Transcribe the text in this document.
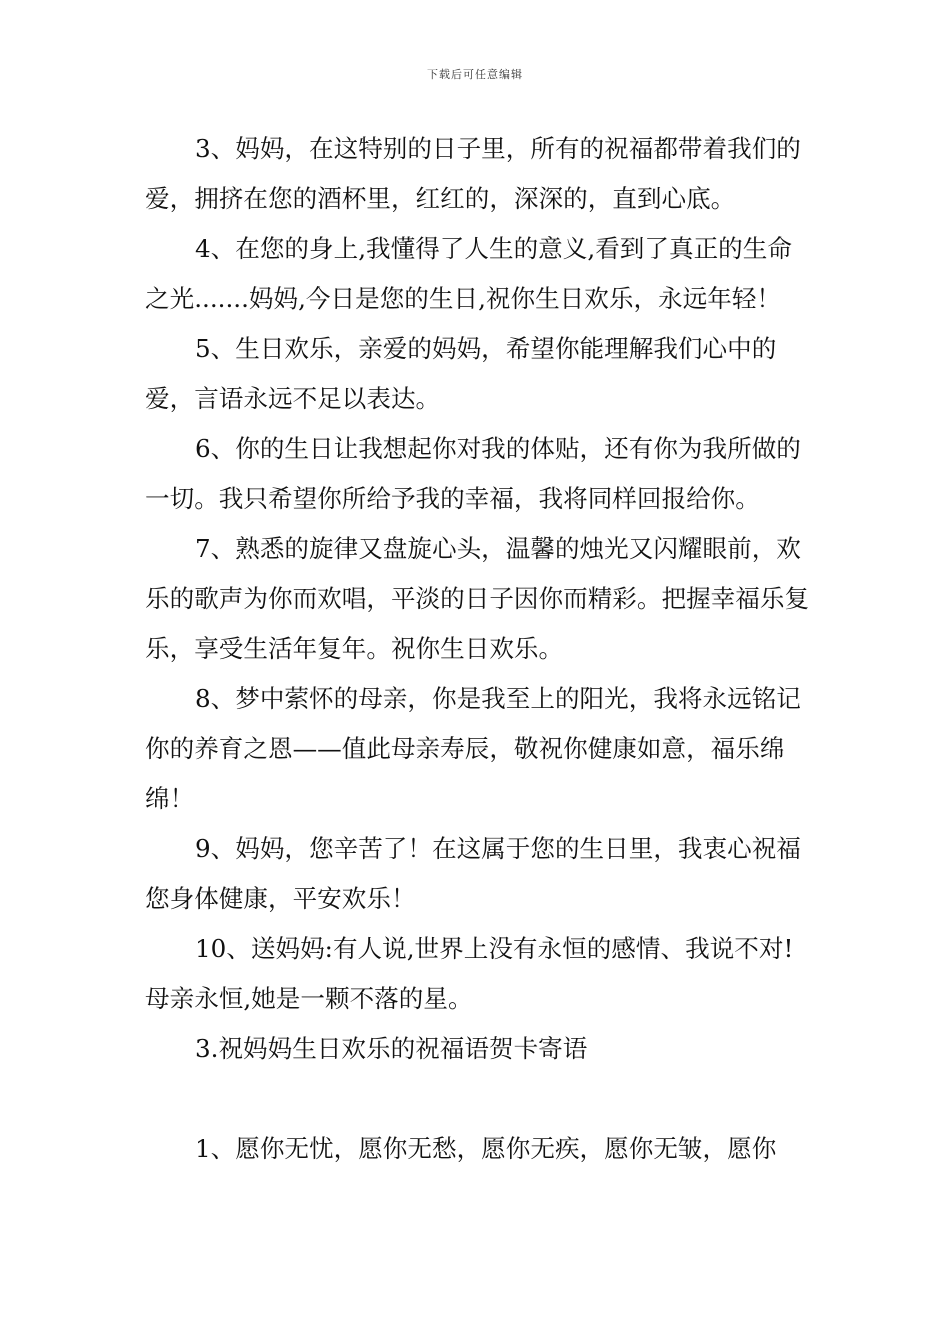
下载后可任意编辑

3、妈妈，在这特别的日子里，所有的祝福都带着我们的爱，拥挤在您的酒杯里，红红的，深深的，直到心底。

4、在您的身上,我懂得了人生的意义,看到了真正的生命之光.......妈妈,今日是您的生日,祝你生日欢乐，永远年轻！

5、生日欢乐，亲爱的妈妈，希望你能理解我们心中的爱，言语永远不足以表达。

6、你的生日让我想起你对我的体贴，还有你为我所做的一切。我只希望你所给予我的幸福，我将同样回报给你。

7、熟悉的旋律又盘旋心头，温馨的烛光又闪耀眼前，欢乐的歌声为你而欢唱，平淡的日子因你而精彩。把握幸福乐复乐，享受生活年复年。祝你生日欢乐。

8、梦中萦怀的母亲，你是我至上的阳光，我将永远铭记你的养育之恩——值此母亲寿辰，敬祝你健康如意，福乐绵绵！

9、妈妈，您辛苦了！在这属于您的生日里，我衷心祝福您身体健康，平安欢乐！

10、送妈妈:有人说,世界上没有永恒的感情、我说不对!母亲永恒,她是一颗不落的星。

3.祝妈妈生日欢乐的祝福语贺卡寄语

1、愿你无忧，愿你无愁，愿你无疾，愿你无皱，愿你
